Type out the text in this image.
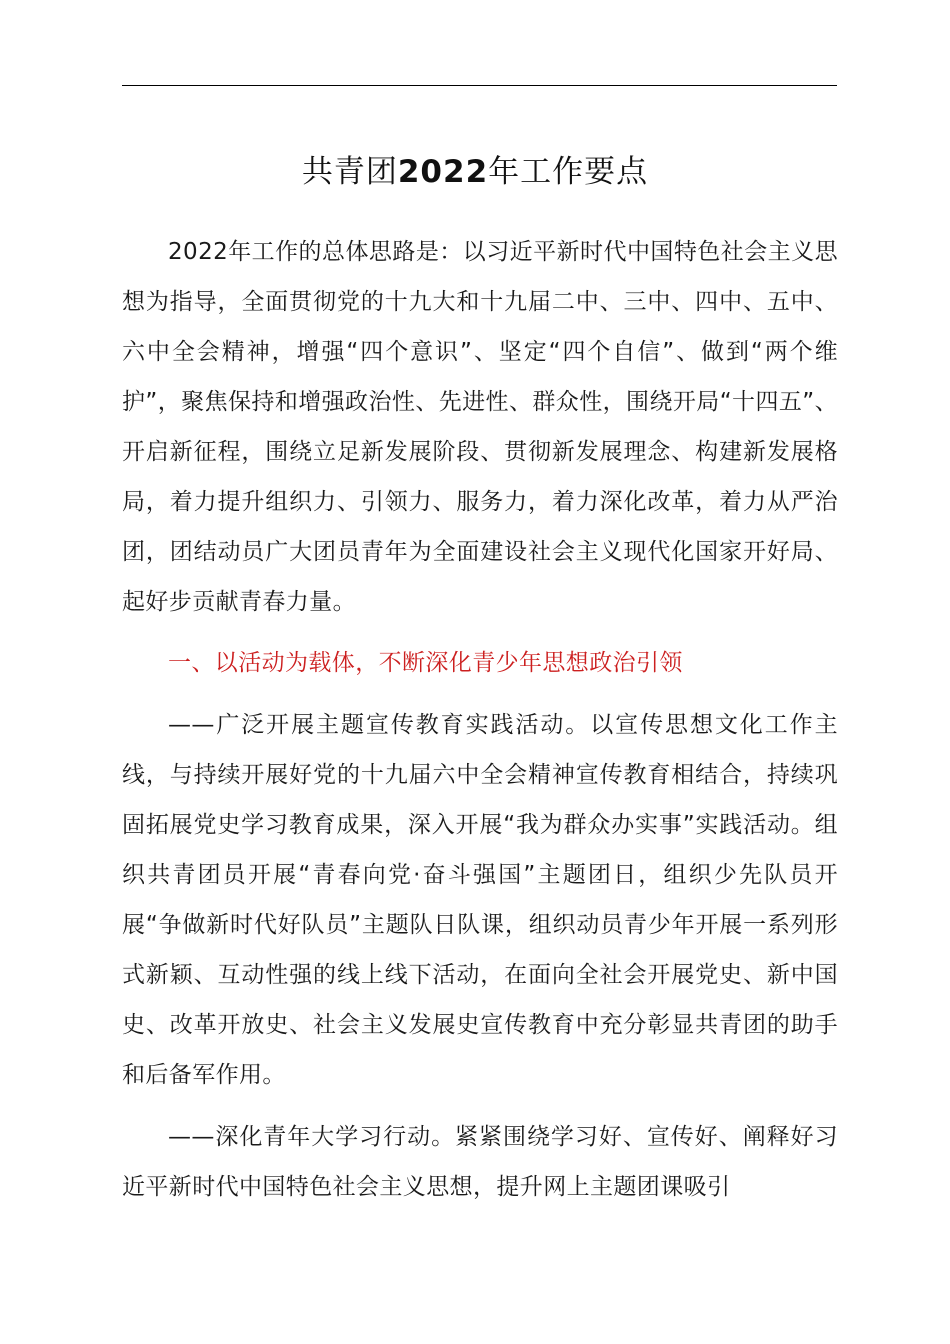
共青团2022年工作要点

2022年工作的总体思路是：以习近平新时代中国特色社会主义思想为指导，全面贯彻党的十九大和十九届二中、三中、四中、五中、六中全会精神，增强“四个意识”、坚定“四个自信”、做到“两个维护”，聚焦保持和增强政治性、先进性、群众性，围绕开局“十四五”、开启新征程，围绕立足新发展阶段、贯彻新发展理念、构建新发展格局，着力提升组织力、引领力、服务力，着力深化改革，着力从严治团，团结动员广大团员青年为全面建设社会主义现代化国家开好局、起好步贡献青春力量。

一、以活动为载体，不断深化青少年思想政治引领

——广泛开展主题宣传教育实践活动。以宣传思想文化工作主线，与持续开展好党的十九届六中全会精神宣传教育相结合，持续巩固拓展党史学习教育成果，深入开展“我为群众办实事”实践活动。组织共青团员开展“青春向党·奋斗强国”主题团日，组织少先队员开展“争做新时代好队员”主题队日队课，组织动员青少年开展一系列形式新颖、互动性强的线上线下活动，在面向全社会开展党史、新中国史、改革开放史、社会主义发展史宣传教育中充分彰显共青团的助手和后备军作用。

——深化青年大学习行动。紧紧围绕学习好、宣传好、阐释好习近平新时代中国特色社会主义思想，提升网上主题团课吸引
